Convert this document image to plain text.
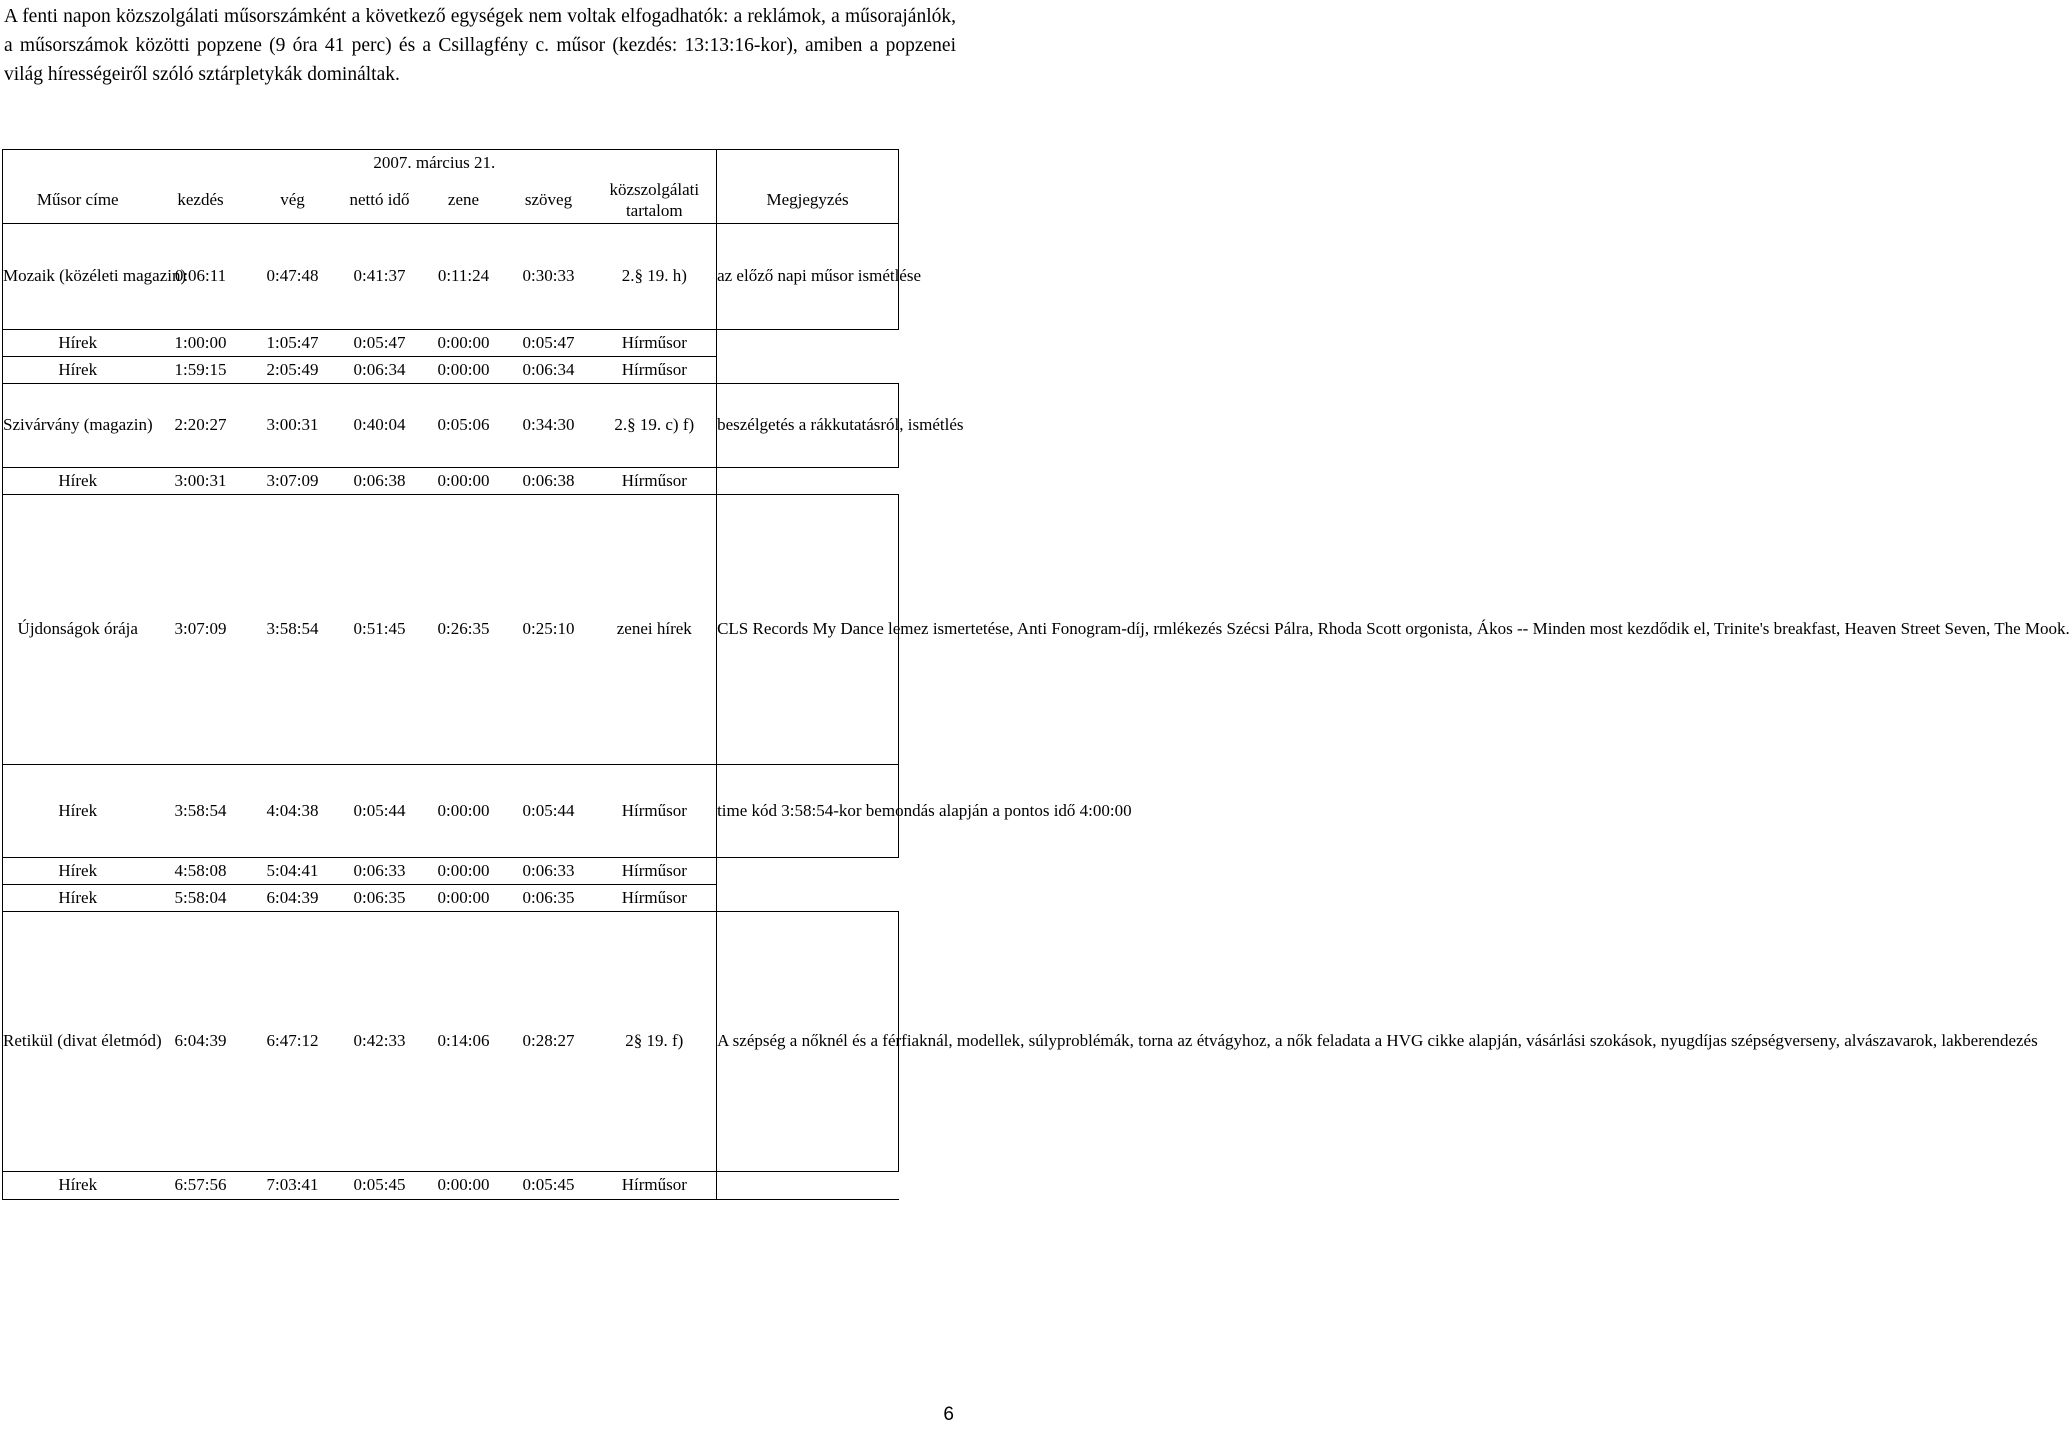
A fenti napon közszolgálati műsorszámként a következő egységek nem voltak elfogadhatók: a reklámok, a műsorajánlók, a műsorszámok közötti popzene (9 óra 41 perc) és a Csillagfény c. műsor (kezdés: 13:13:16-kor), amiben a popzenei világ hírességeiről szóló sztárpletykák domináltak.

	2007. március 21.						
Műsor címe	kezdés	vég	nettó idő	zene	szöveg	közszolgálati tartalom	Megjegyzés
Mozaik (közéleti magazin)	0:06:11	0:47:48	0:41:37	0:11:24	0:30:33	2.§ 19. h)	az előző napi műsor ismétlése
Hírek	1:00:00	1:05:47	0:05:47	0:00:00	0:05:47	Hírműsor	
Hírek	1:59:15	2:05:49	0:06:34	0:00:00	0:06:34	Hírműsor	
Szivárvány (magazin)	2:20:27	3:00:31	0:40:04	0:05:06	0:34:30	2.§ 19. c) f)	beszélgetés a rákkutatásról, ismétlés
Hírek	3:00:31	3:07:09	0:06:38	0:00:00	0:06:38	Hírműsor	
Újdonságok órája	3:07:09	3:58:54	0:51:45	0:26:35	0:25:10	zenei hírek	CLS Records My Dance lemez ismertetése, Anti Fonogram-díj, rmlékezés Szécsi Pálra, Rhoda Scott orgonista, Ákos -- Minden most kezdődik el, Trinite's breakfast, Heaven Street Seven, The Mook.
Hírek	3:58:54	4:04:38	0:05:44	0:00:00	0:05:44	Hírműsor	time kód 3:58:54-kor bemondás alapján a pontos idő 4:00:00
Hírek	4:58:08	5:04:41	0:06:33	0:00:00	0:06:33	Hírműsor	
Hírek	5:58:04	6:04:39	0:06:35	0:00:00	0:06:35	Hírműsor	
Retikül (divat életmód)	6:04:39	6:47:12	0:42:33	0:14:06	0:28:27	2§ 19. f)	A szépség a nőknél és a férfiaknál, modellek, súlyproblémák, torna az étvágyhoz, a nők feladata a HVG cikke alapján, vásárlási szokások, nyugdíjas szépségverseny, alvászavarok, lakberendezés
Hírek	6:57:56	7:03:41	0:05:45	0:00:00	0:05:45	Hírműsor	
6
